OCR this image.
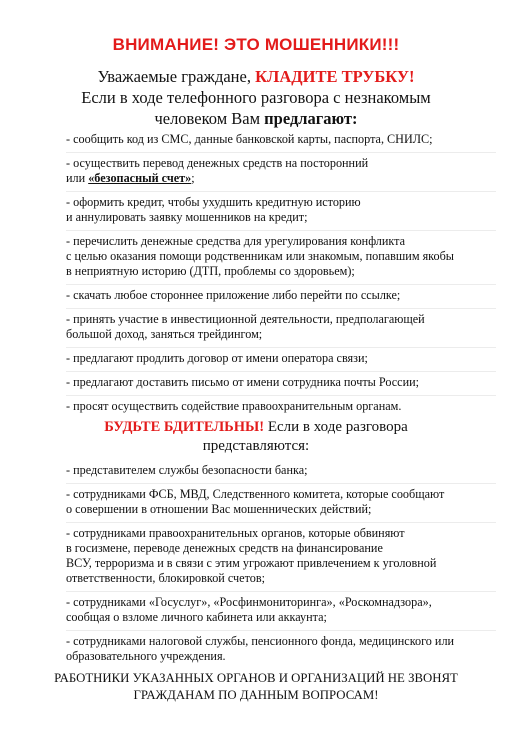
ВНИМАНИЕ! ЭТО МОШЕННИКИ!!!
Уважаемые граждане, КЛАДИТЕ ТРУБКУ!
Если в ходе телефонного разговора с незнакомым
человеком Вам предлагают:
- сообщить код из СМС, данные банковской карты, паспорта, СНИЛС;
- осуществить перевод денежных средств на посторонний
или «безопасный счет»;
- оформить кредит, чтобы ухудшить кредитную историю
и аннулировать заявку мошенников на кредит;
- перечислить денежные средства для урегулирования конфликта
с целью оказания помощи родственникам или знакомым, попавшим якобы
в неприятную историю (ДТП, проблемы со здоровьем);
- скачать любое стороннее приложение либо перейти по ссылке;
- принять участие в инвестиционной деятельности, предполагающей
большой доход, заняться трейдингом;
- предлагают продлить договор от имени оператора связи;
- предлагают доставить письмо от имени сотрудника почты России;
- просят осуществить содействие правоохранительным органам.
БУДЬТЕ БДИТЕЛЬНЫ! Если в ходе разговора
представляются:
- представителем службы безопасности банка;
- сотрудниками ФСБ, МВД, Следственного комитета, которые сообщают
о совершении в отношении Вас мошеннических действий;
- сотрудниками правоохранительных органов, которые обвиняют
в госизмене, переводе денежных средств на финансирование
ВСУ, терроризма и в связи с этим угрожают привлечением к уголовной
ответственности, блокировкой счетов;
- сотрудниками «Госуслуг», «Росфинмониторинга», «Роскомнадзора»,
сообщая о взломе личного кабинета или аккаунта;
- сотрудниками налоговой службы, пенсионного фонда, медицинского или
образовательного учреждения.
РАБОТНИКИ УКАЗАННЫХ ОРГАНОВ И ОРГАНИЗАЦИЙ НЕ ЗВОНЯТ
ГРАЖДАНАМ ПО ДАННЫМ ВОПРОСАМ!
